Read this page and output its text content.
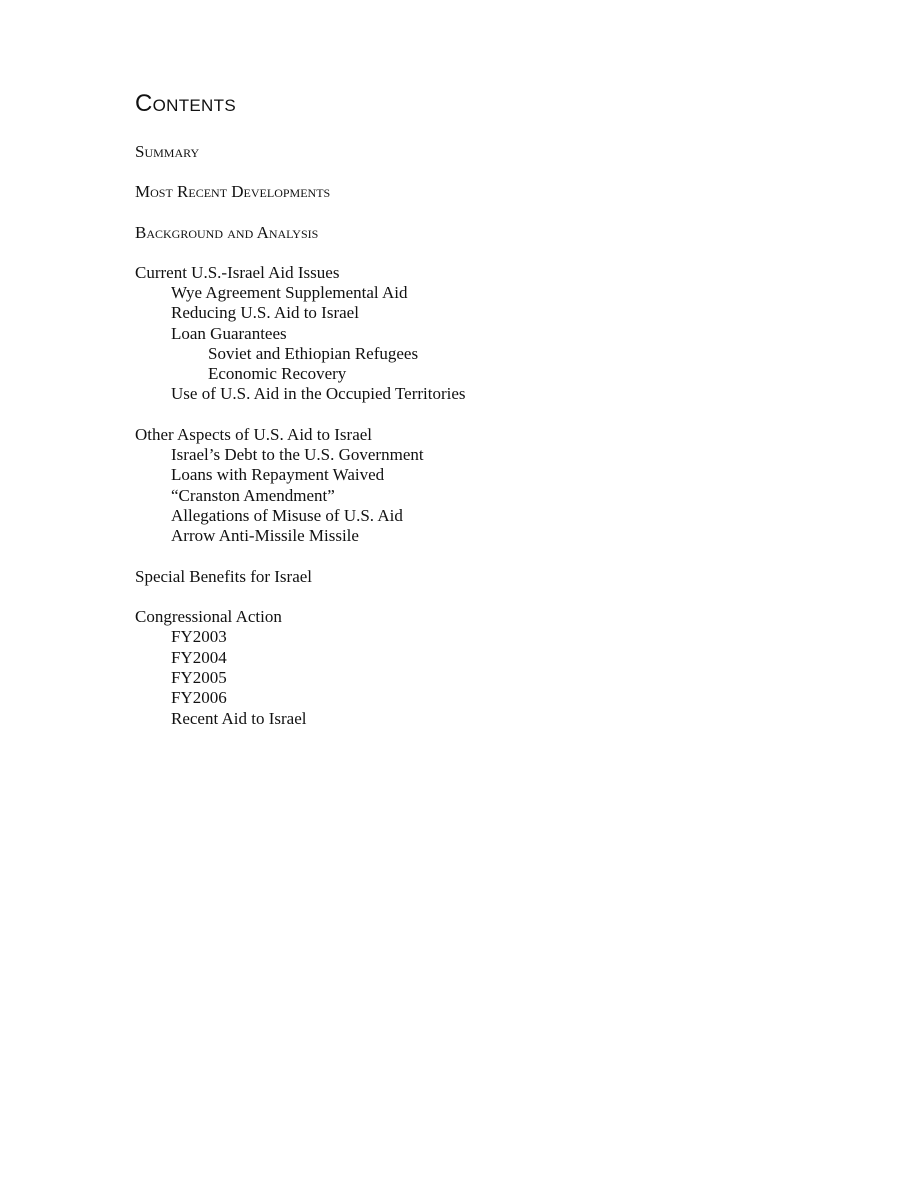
Contents
Summary
Most Recent Developments
Background and Analysis
Current U.S.-Israel Aid Issues
Wye Agreement Supplemental Aid
Reducing U.S. Aid to Israel
Loan Guarantees
Soviet and Ethiopian Refugees
Economic Recovery
Use of U.S. Aid in the Occupied Territories
Other Aspects of U.S. Aid to Israel
Israel’s Debt to the U.S. Government
Loans with Repayment Waived
“Cranston Amendment”
Allegations of Misuse of U.S. Aid
Arrow Anti-Missile Missile
Special Benefits for Israel
Congressional Action
FY2003
FY2004
FY2005
FY2006
Recent Aid to Israel
